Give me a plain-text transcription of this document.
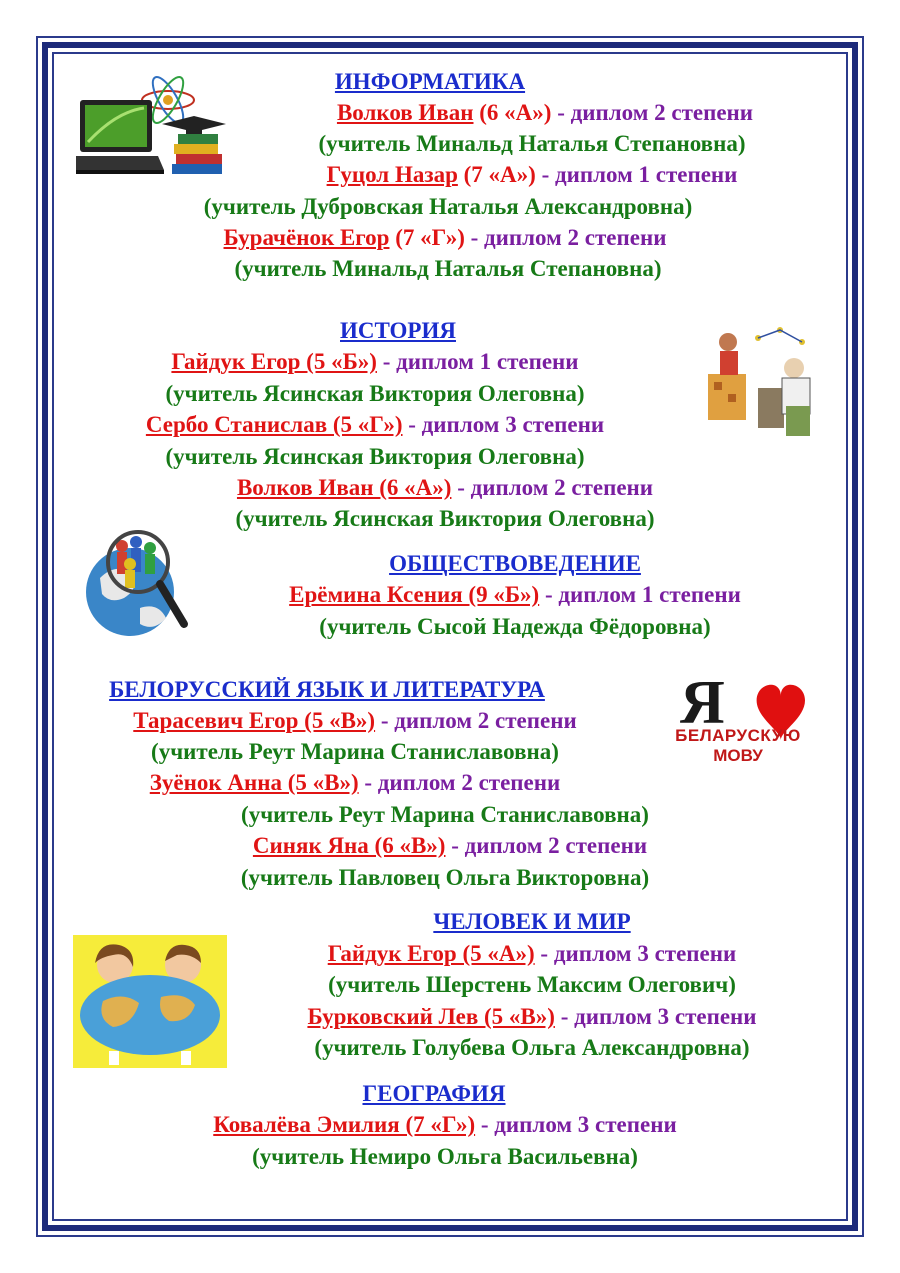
ИНФОРМАТИКА
Волков Иван (6 «А») - диплом 2 степени
(учитель Минальд Наталья Степановна)
Гуцол Назар (7 «А») - диплом 1 степени
(учитель Дубровская Наталья Александровна)
Бурачёнок Егор (7 «Г») - диплом 2 степени
(учитель Минальд Наталья Степановна)
ИСТОРИЯ
Гайдук Егор (5 «Б») - диплом 1 степени
(учитель Ясинская Виктория Олеговна)
Сербо Станислав (5 «Г») - диплом 3 степени
(учитель Ясинская Виктория Олеговна)
Волков Иван (6 «А») - диплом 2 степени
(учитель Ясинская Виктория Олеговна)
ОБЩЕСТВОВЕДЕНИЕ
Ерёмина Ксения (9 «Б») - диплом 1 степени
(учитель Сысой Надежда Фёдоровна)
БЕЛОРУССКИЙ ЯЗЫК И ЛИТЕРАТУРА
Тарасевич Егор (5 «В») - диплом 2 степени
(учитель Реут Марина Станиславовна)
Зуёнок Анна (5 «В») - диплом 2 степени
(учитель Реут Марина Станиславовна)
Синяк Яна (6 «В») - диплом 2 степени
(учитель Павловец Ольга Викторовна)
ЧЕЛОВЕК И МИР
Гайдук Егор (5 «А») - диплом 3 степени
(учитель Шерстень Максим Олегович)
Бурковский Лев (5 «В») - диплом 3 степени
(учитель Голубева Ольга Александровна)
ГЕОГРАФИЯ
Ковалёва Эмилия (7 «Г») - диплом 3 степени
(учитель Немиро Ольга Васильевна)
Я
БЕЛАРУСКУЮ
МОВУ
